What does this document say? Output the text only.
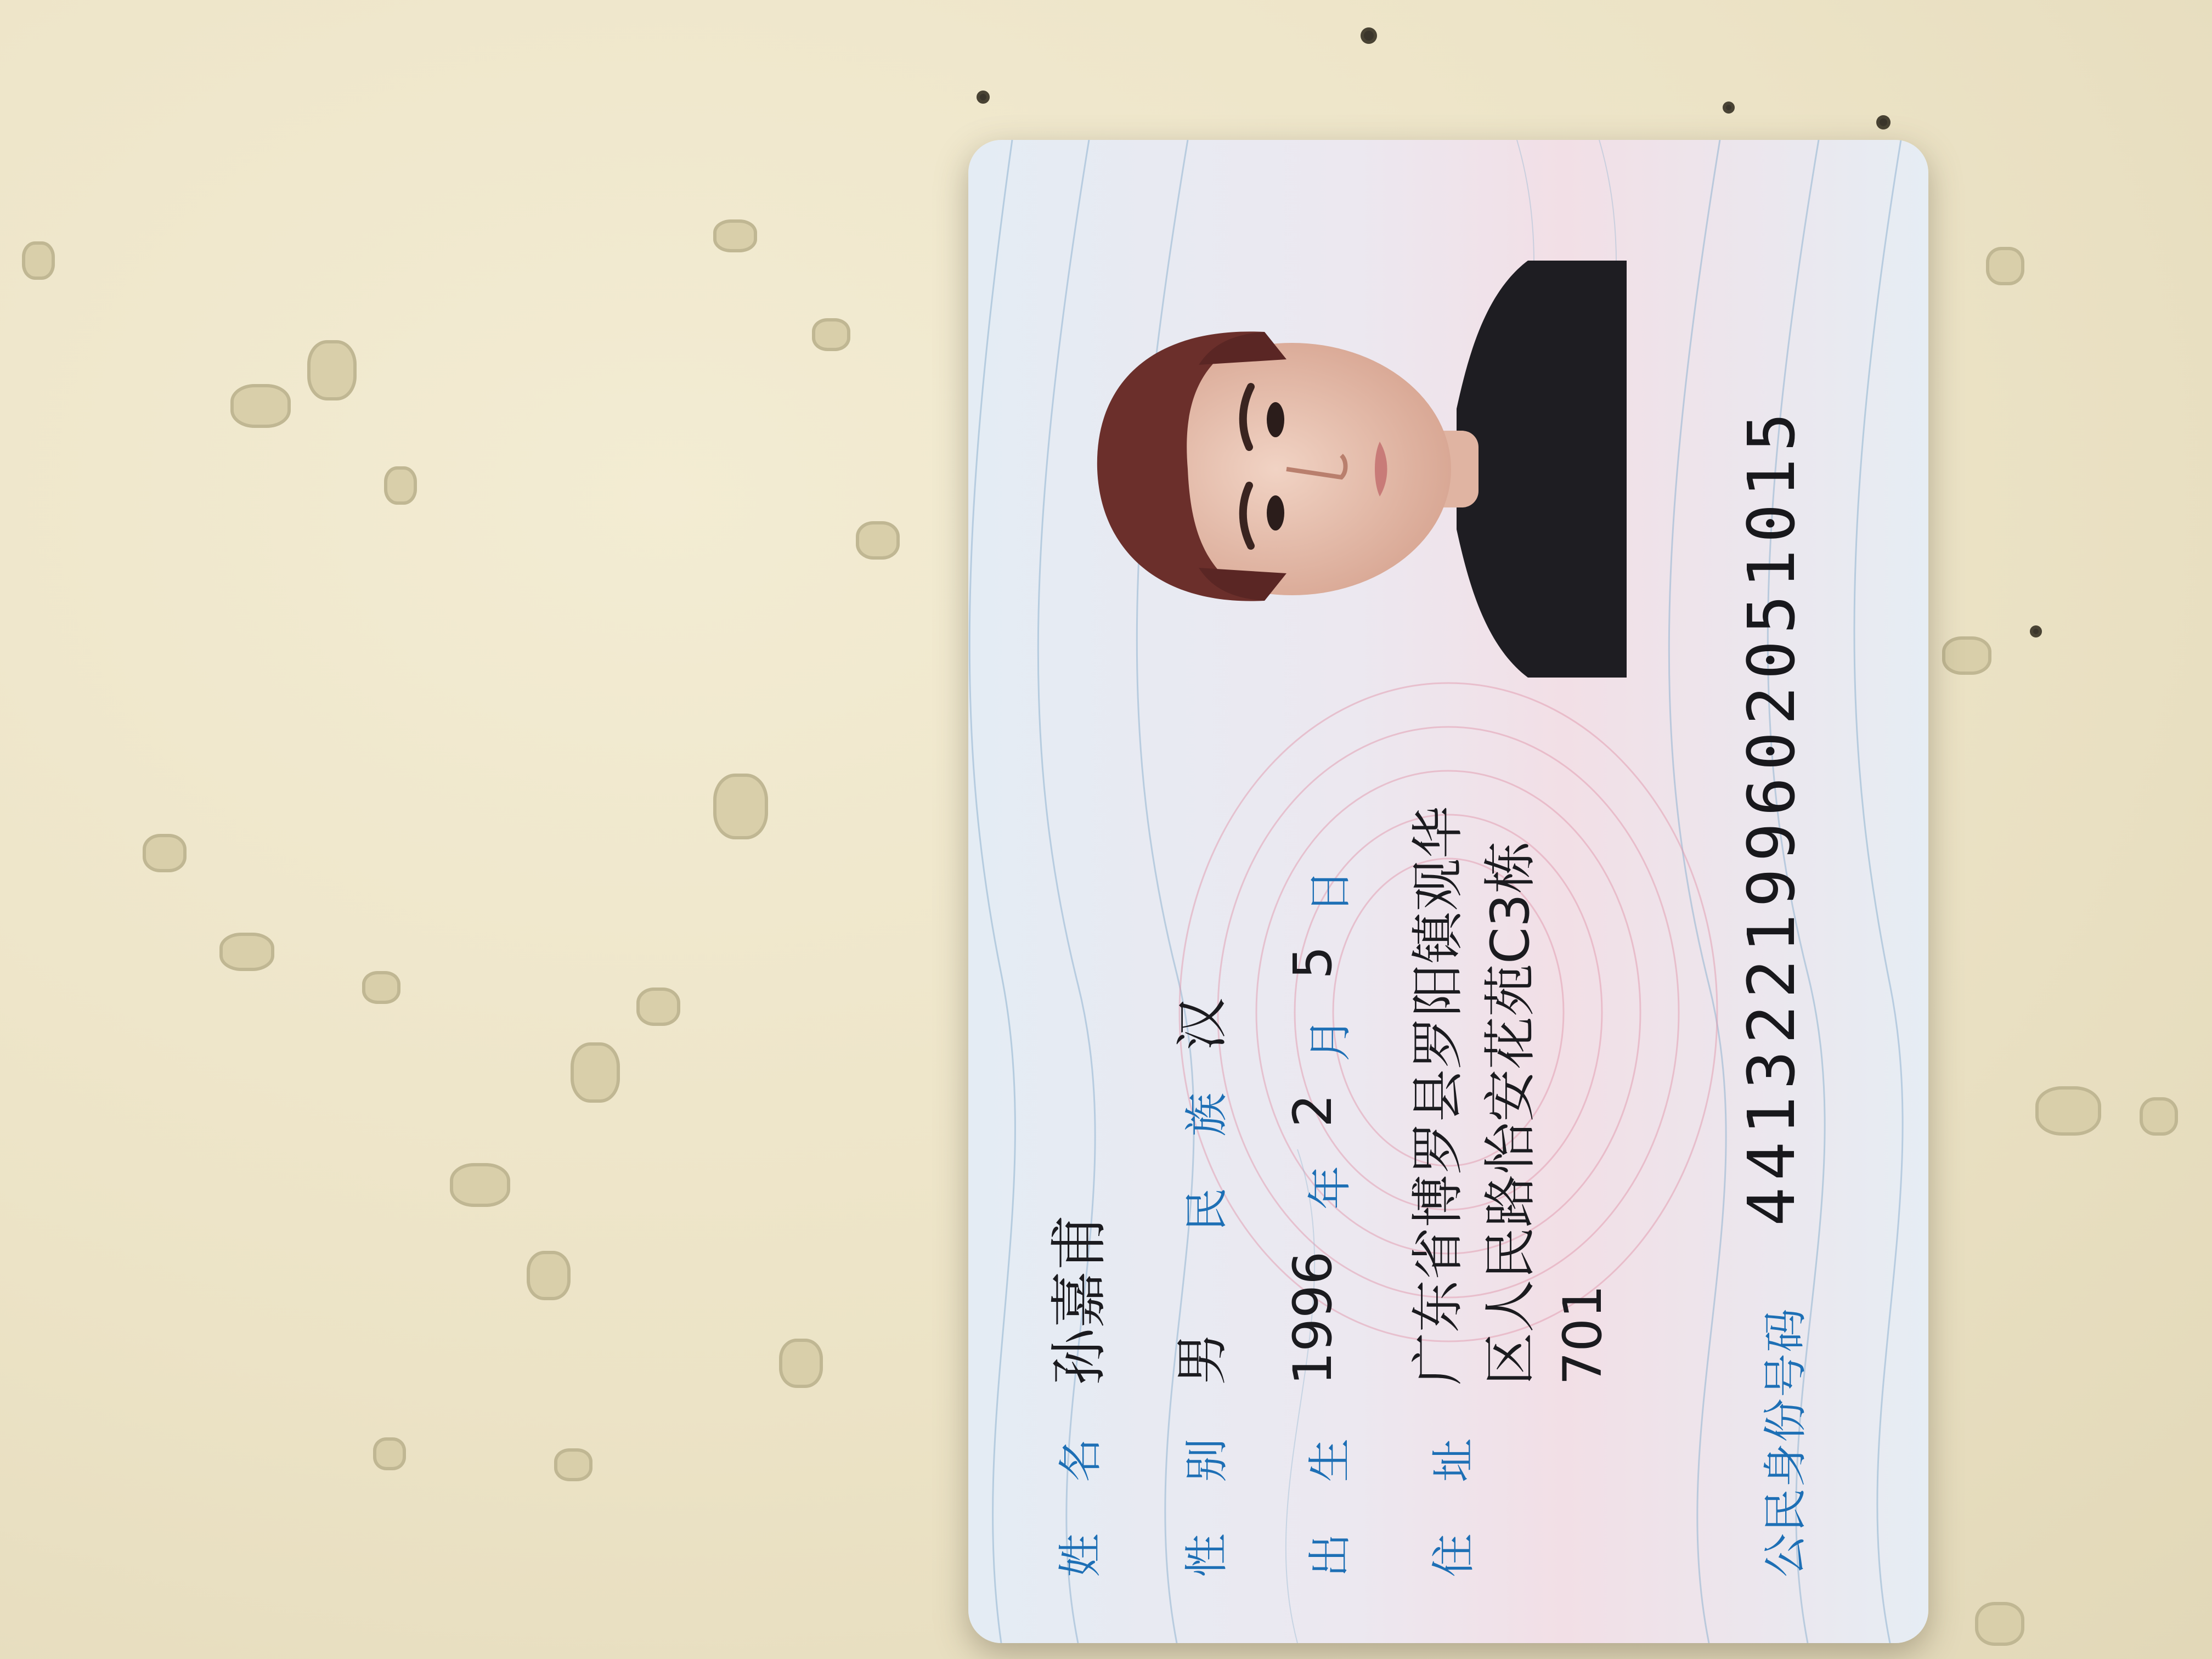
姓 名
孙嘉甫
性 别
男
民 族
汉
出 生
1996
年
2
月
5
日
住 址
广东省博罗县罗阳镇观华 区人民路怡安花苑C3栋 701	公民身份号码
441322199602051015
